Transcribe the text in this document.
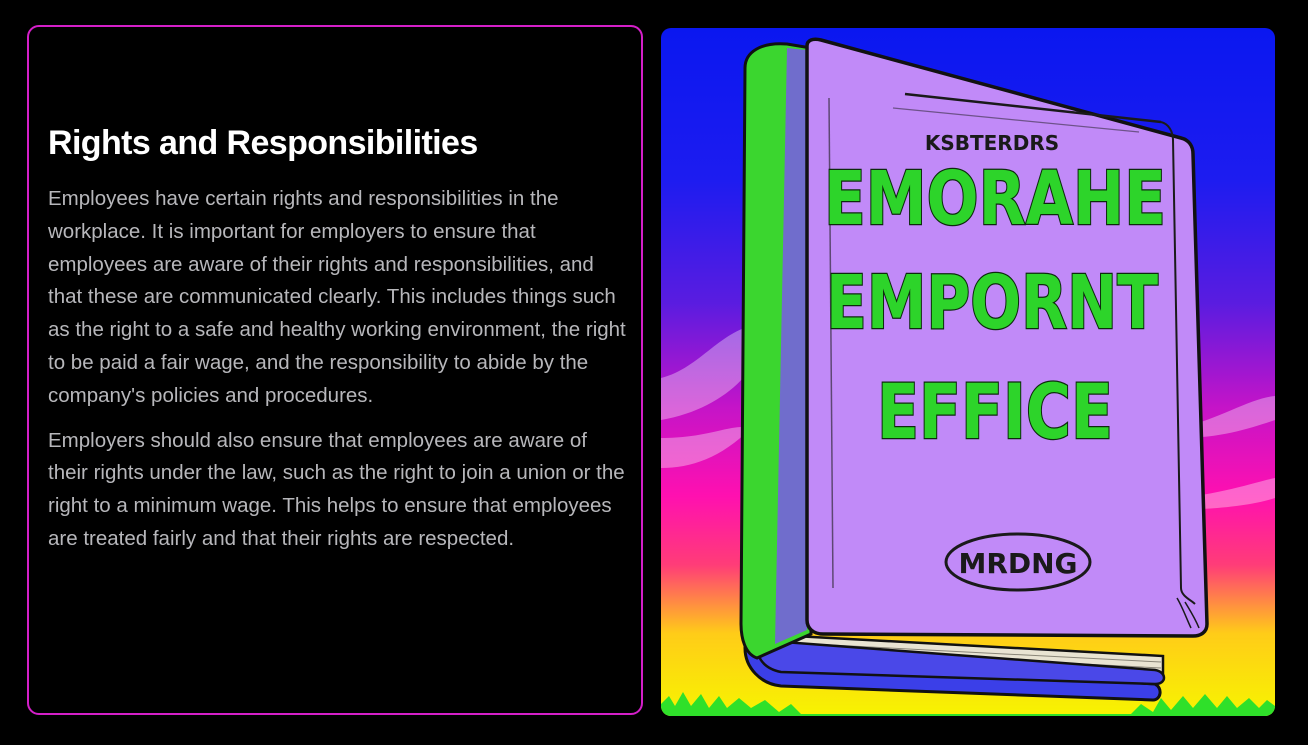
Rights and Responsibilities

Employees have certain rights and responsibilities in the workplace. It is important for employers to ensure that employees are aware of their rights and responsibilities, and that these are communicated clearly. This includes things such as the right to a safe and healthy working environment, the right to be paid a fair wage, and the responsibility to abide by the company's policies and procedures.

Employers should also ensure that employees are aware of their rights under the law, such as the right to join a union or the right to a minimum wage. This helps to ensure that employees are treated fairly and that their rights are respected.

KSBTERDRS
EMORAHE
EMPORNT
EFFICE
MRDNG
